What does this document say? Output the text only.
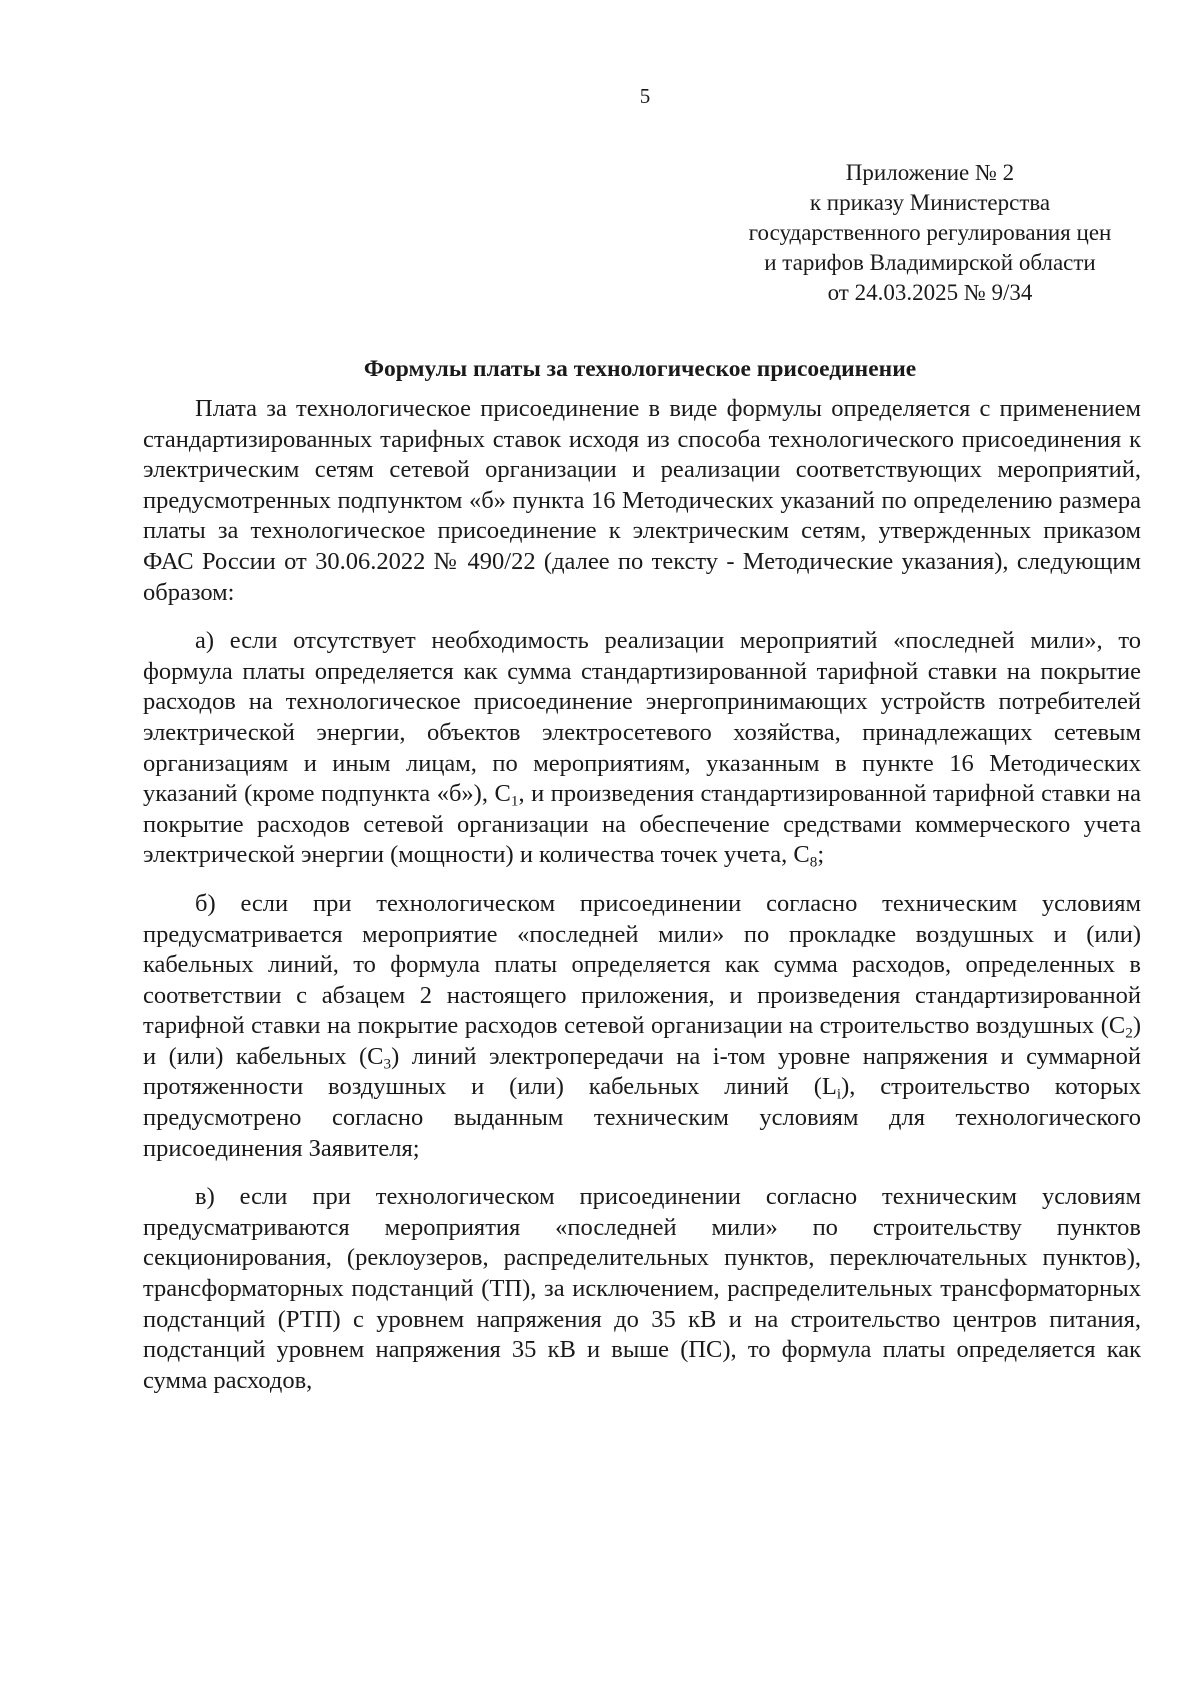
5
Приложение № 2
к приказу Министерства
государственного регулирования цен
и тарифов Владимирской области
от 24.03.2025 № 9/34
Формулы платы за технологическое присоединение

Плата за технологическое присоединение в виде формулы определяется с применением стандартизированных тарифных ставок исходя из способа технологического присоединения к электрическим сетям сетевой организации и реализации соответствующих мероприятий, предусмотренных подпунктом «б» пункта 16 Методических указаний по определению размера платы за технологическое присоединение к электрическим сетям, утвержденных приказом ФАС России от 30.06.2022 № 490/22 (далее по тексту - Методические указания), следующим образом:

а) если отсутствует необходимость реализации мероприятий «последней мили», то формула платы определяется как сумма стандартизированной тарифной ставки на покрытие расходов на технологическое присоединение энергопринимающих устройств потребителей электрической энергии, объектов электросетевого хозяйства, принадлежащих сетевым организациям и иным лицам, по мероприятиям, указанным в пункте 16 Методических указаний (кроме подпункта «б»), $С_1$, и произведения стандартизированной тарифной ставки на покрытие расходов сетевой организации на обеспечение средствами коммерческого учета электрической энергии (мощности) и количества точек учета, $С_8$;

б) если при технологическом присоединении согласно техническим условиям предусматривается мероприятие «последней мили» по прокладке воздушных и (или) кабельных линий, то формула платы определяется как сумма расходов, определенных в соответствии с абзацем 2 настоящего приложения, и произведения стандартизированной тарифной ставки на покрытие расходов сетевой организации на строительство воздушных $(С_2)$ и (или) кабельных $(С_3)$ линий электропередачи на i-том уровне напряжения и суммарной протяженности воздушных и (или) кабельных линий $(L_i)$, строительство которых предусмотрено согласно выданным техническим условиям для технологического присоединения Заявителя;

в) если при технологическом присоединении согласно техническим условиям предусматриваются мероприятия «последней мили» по строительству пунктов секционирования, (реклоузеров, распределительных пунктов, переключательных пунктов), трансформаторных подстанций (ТП), за исключением, распределительных трансформаторных подстанций (РТП) с уровнем напряжения до 35 кВ и на строительство центров питания, подстанций уровнем напряжения 35 кВ и выше (ПС), то формула платы определяется как сумма расходов,
